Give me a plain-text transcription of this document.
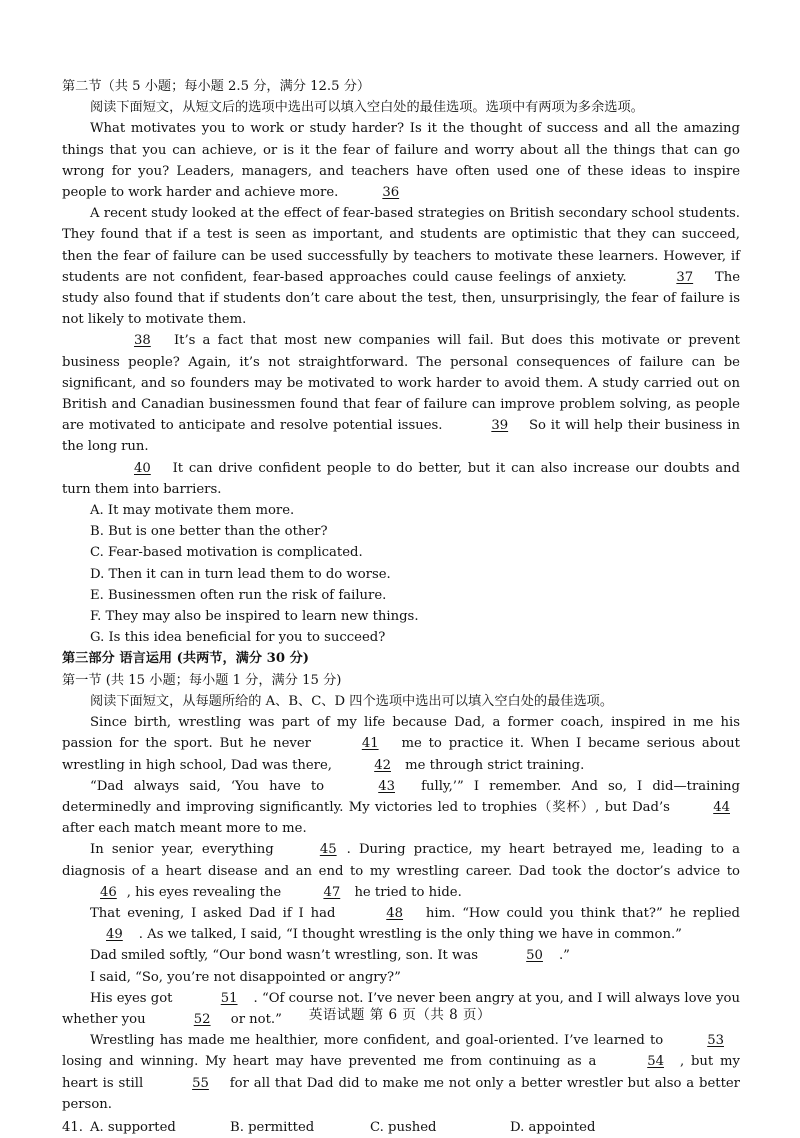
第二节（共 5 小题；每小题 2.5 分，满分 12.5 分）

阅读下面短文，从短文后的选项中选出可以填入空白处的最佳选项。选项中有两项为多余选项。

What motivates you to work or study harder? Is it the thought of success and all the amazing things that you can achieve, or is it the fear of failure and worry about all the things that can go wrong for you? Leaders, managers, and teachers have often used one of these ideas to inspire people to work harder and achieve more.	36

A recent study looked at the effect of fear-based strategies on British secondary school students. They found that if a test is seen as important, and students are optimistic that they can succeed, then the fear of failure can be used successfully by teachers to motivate these learners. However, if students are not confident, fear-based approaches could cause feelings of anxiety.	37 The study also found that if students don’t care about the test, then, unsurprisingly, the fear of failure is not likely to motivate them.

38 It’s a fact that most new companies will fail. But does this motivate or prevent business people? Again, it’s not straightforward. The personal consequences of failure can be significant, and so founders may be motivated to work harder to avoid them. A study carried out on British and Canadian businessmen found that fear of failure can improve problem solving, as people are motivated to anticipate and resolve potential issues.	39 So it will help their business in the long run.

40 It can drive confident people to do better, but it can also increase our doubts and turn them into barriers.

A. It may motivate them more.

B. But is one better than the other?

C. Fear-based motivation is complicated.

D. Then it can in turn lead them to do worse.

E. Businessmen often run the risk of failure.

F. They may also be inspired to learn new things.

G. Is this idea beneficial for you to succeed?

第三部分 语言运用 (共两节，满分 30 分)

第一节 (共 15 小题；每小题 1 分，满分 15 分)

阅读下面短文，从每题所给的 A、B、C、D 四个选项中选出可以填入空白处的最佳选项。

Since birth, wrestling was part of my life because Dad, a former coach, inspired in me his passion for the sport. But he never	41 me to practice it. When I became serious about wrestling in high school, Dad was there,	42 me through strict training.

“Dad always said, ‘You have to	43 fully,’” I remember. And so, I did—training determinedly and improving significantly. My victories led to trophies（奖杯）, but Dad’s	44 after each match meant more to me.

In senior year, everything	45 . During practice, my heart betrayed me, leading to a diagnosis of a heart disease and an end to my wrestling career. Dad took the doctor’s advice to 46 , his eyes revealing the	47 he tried to hide.

That evening, I asked Dad if I had	48 him. “How could you think that?” he replied 49 . As we talked, I said, “I thought wrestling is the only thing we have in common.”

Dad smiled softly, “Our bond wasn’t wrestling, son. It was	50 .”

I said, “So, you’re not disappointed or angry?”

His eyes got	51 . “Of course not. I’ve never been angry at you, and I will always love you whether you	52 or not.”

Wrestling has made me healthier, more confident, and goal-oriented. I’ve learned to	53 losing and winning. My heart may have prevented me from continuing as a	54 , but my heart is still	55 for all that Dad did to make me not only a better wrestler but also a better person.

41. A. supported	B. permitted	C. pushed	D. appointed
英语试题 第 6 页（共 8 页）
